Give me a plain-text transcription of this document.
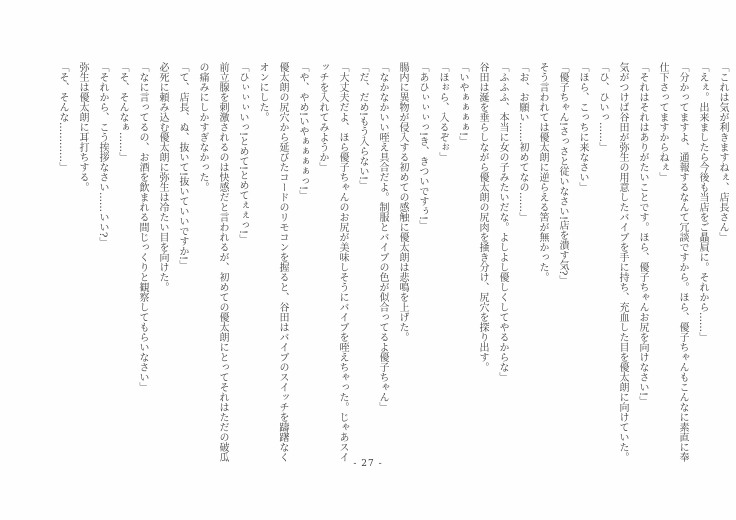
「これは気が利きますねぇ、店長さん」

「えぇ。出来ましたら今後も当店をご贔屓に。それから……」

「分かってますよ、通報するなんて冗談ですから。ほら、優子ちゃんもこんなに素直に奉仕下さってますからねぇ」

「それはそれはありがたいことです。ほら、優子ちゃんお尻を向けなさい!」

気がつけば谷田が弥生の用意したバイブを手に持ち、充血した目を優太朗に向けていた。

「ひ、ひいっ……」

「ほら、こっちに来なさい」

「優子ちゃん!さっさと従いなさい!店を潰す気?」

そう言われては優太朗に逆らえる筈が無かった。

「お、お願い……初めてなの……」

「ふふふ、本当に女の子みたいだな。よしよし優しくしてやるからな」

谷田は涎を垂らしながら優太朗の尻肉を掻き分け、尻穴を探り出す。

「いやぁぁぁぁ!」

「ほぉら、入るぞぉ」

「あひぃぃぃっ!き、きついですぅ!」

腸内に異物が侵入する初めての感触に優太朗は悲鳴を上げた。

「なかなかいい咥え具合だよ。制服とバイブの色が似合ってるよ優子ちゃん」

「だ、だめ!もう入らない!」

「大丈夫だよ、ほら優子ちゃんのお尻が美味しそうにバイブを咥えちゃった。じゃあスイッチを入れてみようか」

「や、やめ!いやぁぁぁぁっ!」

優太朗の尻穴から延びたコードのリモコンを握ると、谷田はバイブのスイッチを躊躇なくオンにした。

「ひぃぃぃいっ!とめて!とめてぇぇっ!」

前立腺を刺激されるのは快感だと言われるが、初めての優太朗にとってそれはただの破瓜の痛みにしかすぎなかった。

「て、店長、ぬ、抜いて!抜いていいですか!」

必死に頼み込む優太朗に弥生は冷たい目を向けた。

「なに言ってるの、お酒を飲まれる間じっくりと観察してもらいなさい」

「そ、そんなぁ……」

「それから、こう挨拶なさい……いい?」

弥生は優太朗に耳打ちする。

「そ、そんな…………」

- 27 -
